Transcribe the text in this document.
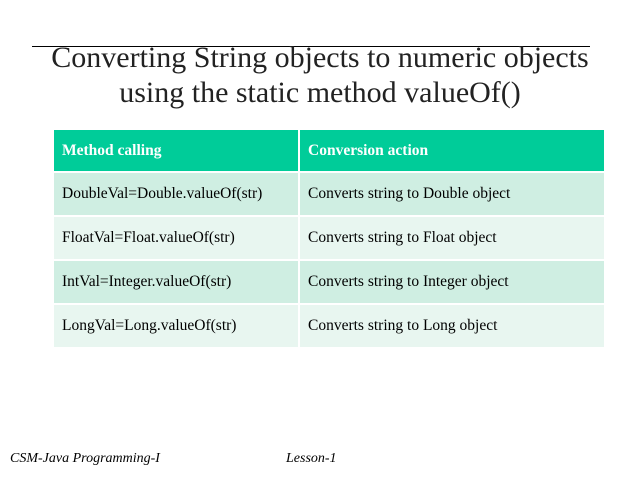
Converting String objects to numeric objects
using the static method valueOf()
Method calling	Conversion action
DoubleVal=Double.valueOf(str)	Converts string to Double object
FloatVal=Float.valueOf(str)	Converts string to Float object
IntVal=Integer.valueOf(str)	Converts string to Integer object
LongVal=Long.valueOf(str)	Converts string to Long object
CSM-Java Programming-I	Lesson-1
